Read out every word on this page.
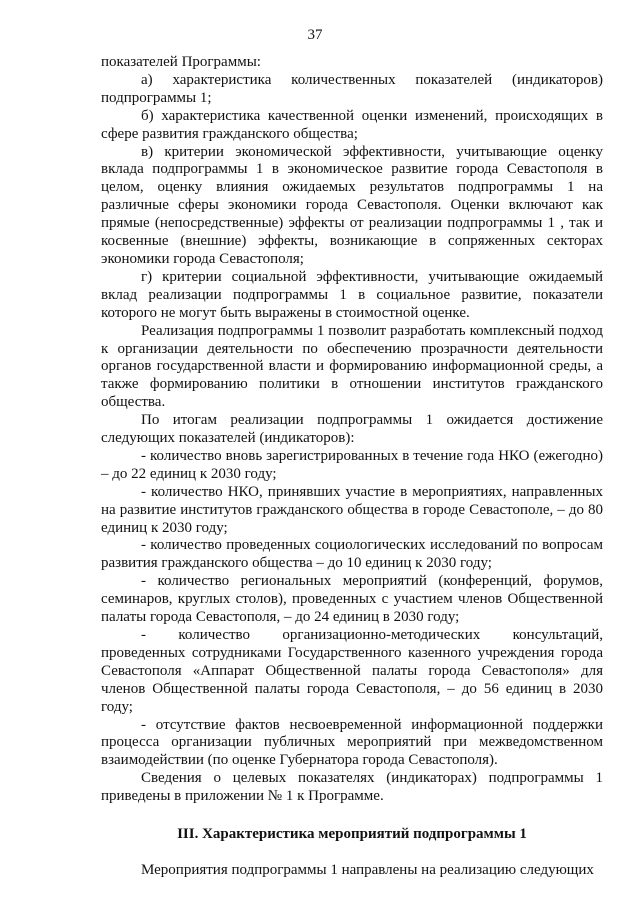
37

показателей Программы:

а) характеристика количественных показателей (индикаторов) подпрограммы 1;

б) характеристика качественной оценки изменений, происходящих в сфере развития гражданского общества;

в) критерии экономической эффективности, учитывающие оценку вклада подпрограммы 1 в экономическое развитие города Севастополя в целом, оценку влияния ожидаемых результатов подпрограммы 1 на различные сферы экономики города Севастополя. Оценки включают как прямые (непосредственные) эффекты от реализации подпрограммы 1 , так и косвенные (внешние) эффекты, возникающие в сопряженных секторах экономики города Севастополя;

г) критерии социальной эффективности, учитывающие ожидаемый вклад реализации подпрограммы 1 в социальное развитие, показатели которого не могут быть выражены в стоимостной оценке.

Реализация подпрограммы 1 позволит разработать комплексный подход к организации деятельности по обеспечению прозрачности деятельности органов государственной власти и формированию информационной среды, а также формированию политики в отношении институтов гражданского общества.

По итогам реализации подпрограммы 1 ожидается достижение следующих показателей (индикаторов):

- количество вновь зарегистрированных в течение года НКО (ежегодно) – до 22 единиц к 2030 году;

- количество НКО, принявших участие в мероприятиях, направленных на развитие институтов гражданского общества в городе Севастополе, – до 80 единиц к 2030 году;

- количество проведенных социологических исследований по вопросам развития гражданского общества – до 10 единиц к 2030 году;

- количество региональных мероприятий (конференций, форумов, семинаров, круглых столов), проведенных с участием членов Общественной палаты города Севастополя, – до 24 единиц в 2030 году;

- количество организационно-методических консультаций, проведенных сотрудниками Государственного казенного учреждения города Севастополя «Аппарат Общественной палаты города Севастополя» для членов Общественной палаты города Севастополя, – до 56 единиц в 2030 году;

- отсутствие фактов несвоевременной информационной поддержки процесса организации публичных мероприятий при межведомственном взаимодействии (по оценке Губернатора города Севастополя).

Сведения о целевых показателях (индикаторах) подпрограммы 1 приведены в приложении № 1 к Программе.

III. Характеристика мероприятий подпрограммы 1

Мероприятия подпрограммы 1 направлены на реализацию следующих
